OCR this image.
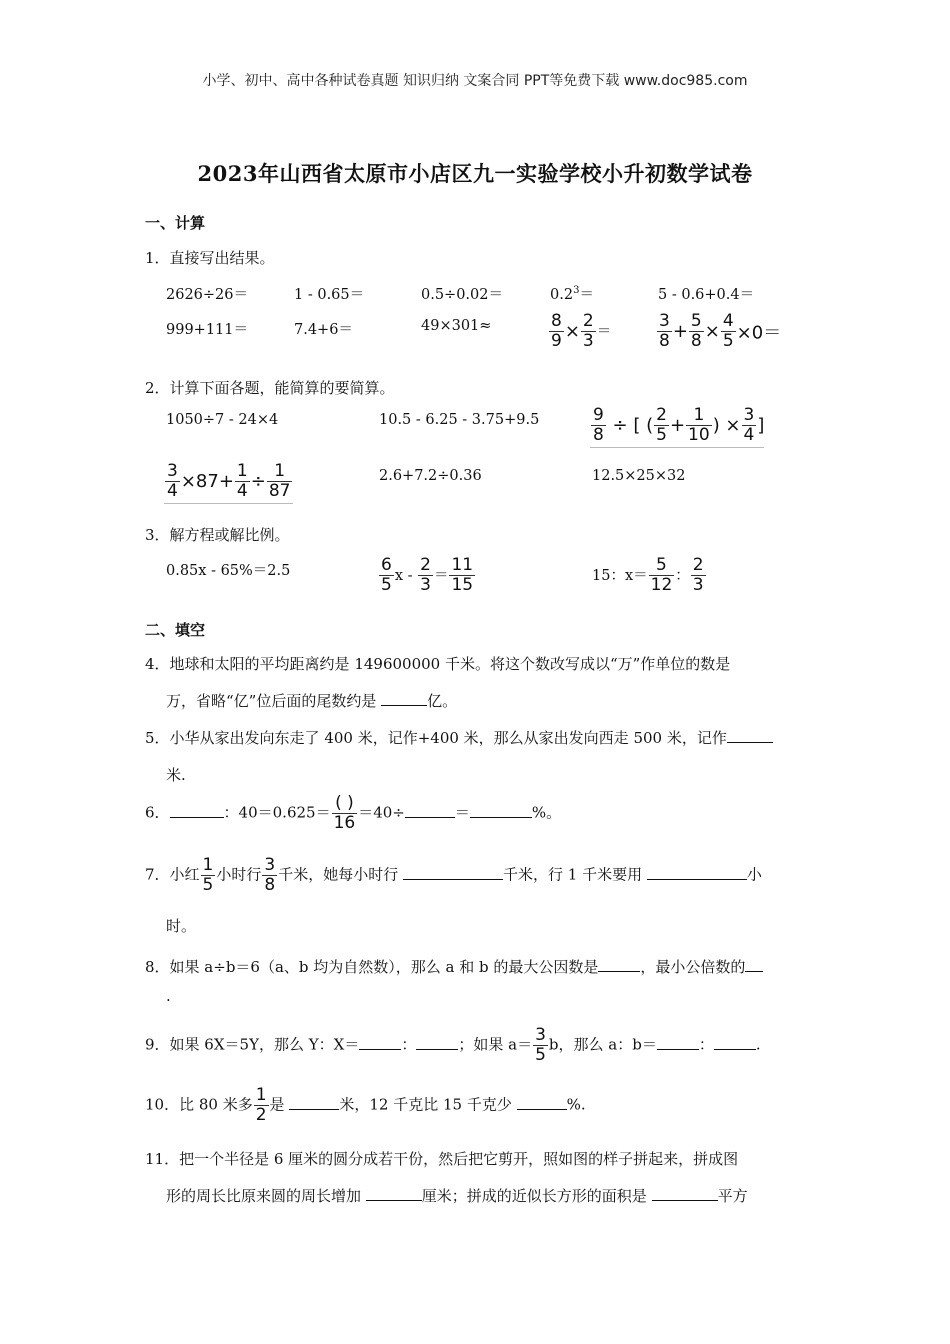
小学、初中、高中各种试卷真题 知识归纳 文案合同 PPT等免费下载 www.doc985.com
2023年山西省太原市小店区九一实验学校小升初数学试卷
一、计算
1．直接写出结果。
2626÷26＝	1 - 0.65＝	0.5÷0.02＝	$0.2^3=$	5 - 0.6+0.4＝
999+111＝	7.4+6＝	49×301≈	$\frac{8}{9} \times \frac{2}{3}$ ＝	$\frac{3}{8} + \frac{5}{8} \times \frac{4}{5} \times 0=$
2．计算下面各题，能简算的要简算。
1050÷7 - 24×4	10.5 - 6.25 - 3.75+9.5	$\frac{9}{8}$ ÷ [ ( $\frac{2}{5} + \frac{1}{10}$ ) × $\frac{3}{4}$ ]
$\frac{3}{4} \times 87+ \frac{1}{4} \div \frac{1}{87}$	2.6+7.2÷0.36	12.5×25×32
3．解方程或解比例。
0.85x - 65%＝2.5	$\frac{6}{5}$ $x - \frac{2}{3} = \frac{11}{15}$	15：$x= \frac{5}{12}$ ： $\frac{2}{3}$
二、填空
4．地球和太阳的平均距离约是 149600000 千米。将这个数改写成以“万”作单位的数是
万，省略“亿”位后面的尾数约是	亿。
5．小华从家出发向东走了 400 米，记作+400 米，那么从家出发向西走 500 米，记作
米.
6．	：$40=0.625= \frac{( )}{16} =40\div$	＝	%。
7．小红 $\frac{1}{5}$ 小时行 $\frac{3}{8}$ 千米，她每小时行	千米，行 1 千米要用	小
时。
8．如果 a÷b＝6（a、b 均为自然数），那么 a 和 b 的最大公因数是	，最小公倍数的
.
9．如果 6X＝5Y，那么 Y：X＝	：	；如果 $a= \frac{3}{5}$ b，那么 a：b＝	：	.
10．比 80 米多 $\frac{1}{2}$ 是	米，12 千克比 15 千克少	%.
11．把一个半径是 6 厘米的圆分成若干份，然后把它剪开，照如图的样子拼起来，拼成图
形的周长比原来圆的周长增加	厘米；拼成的近似长方形的面积是	平方
